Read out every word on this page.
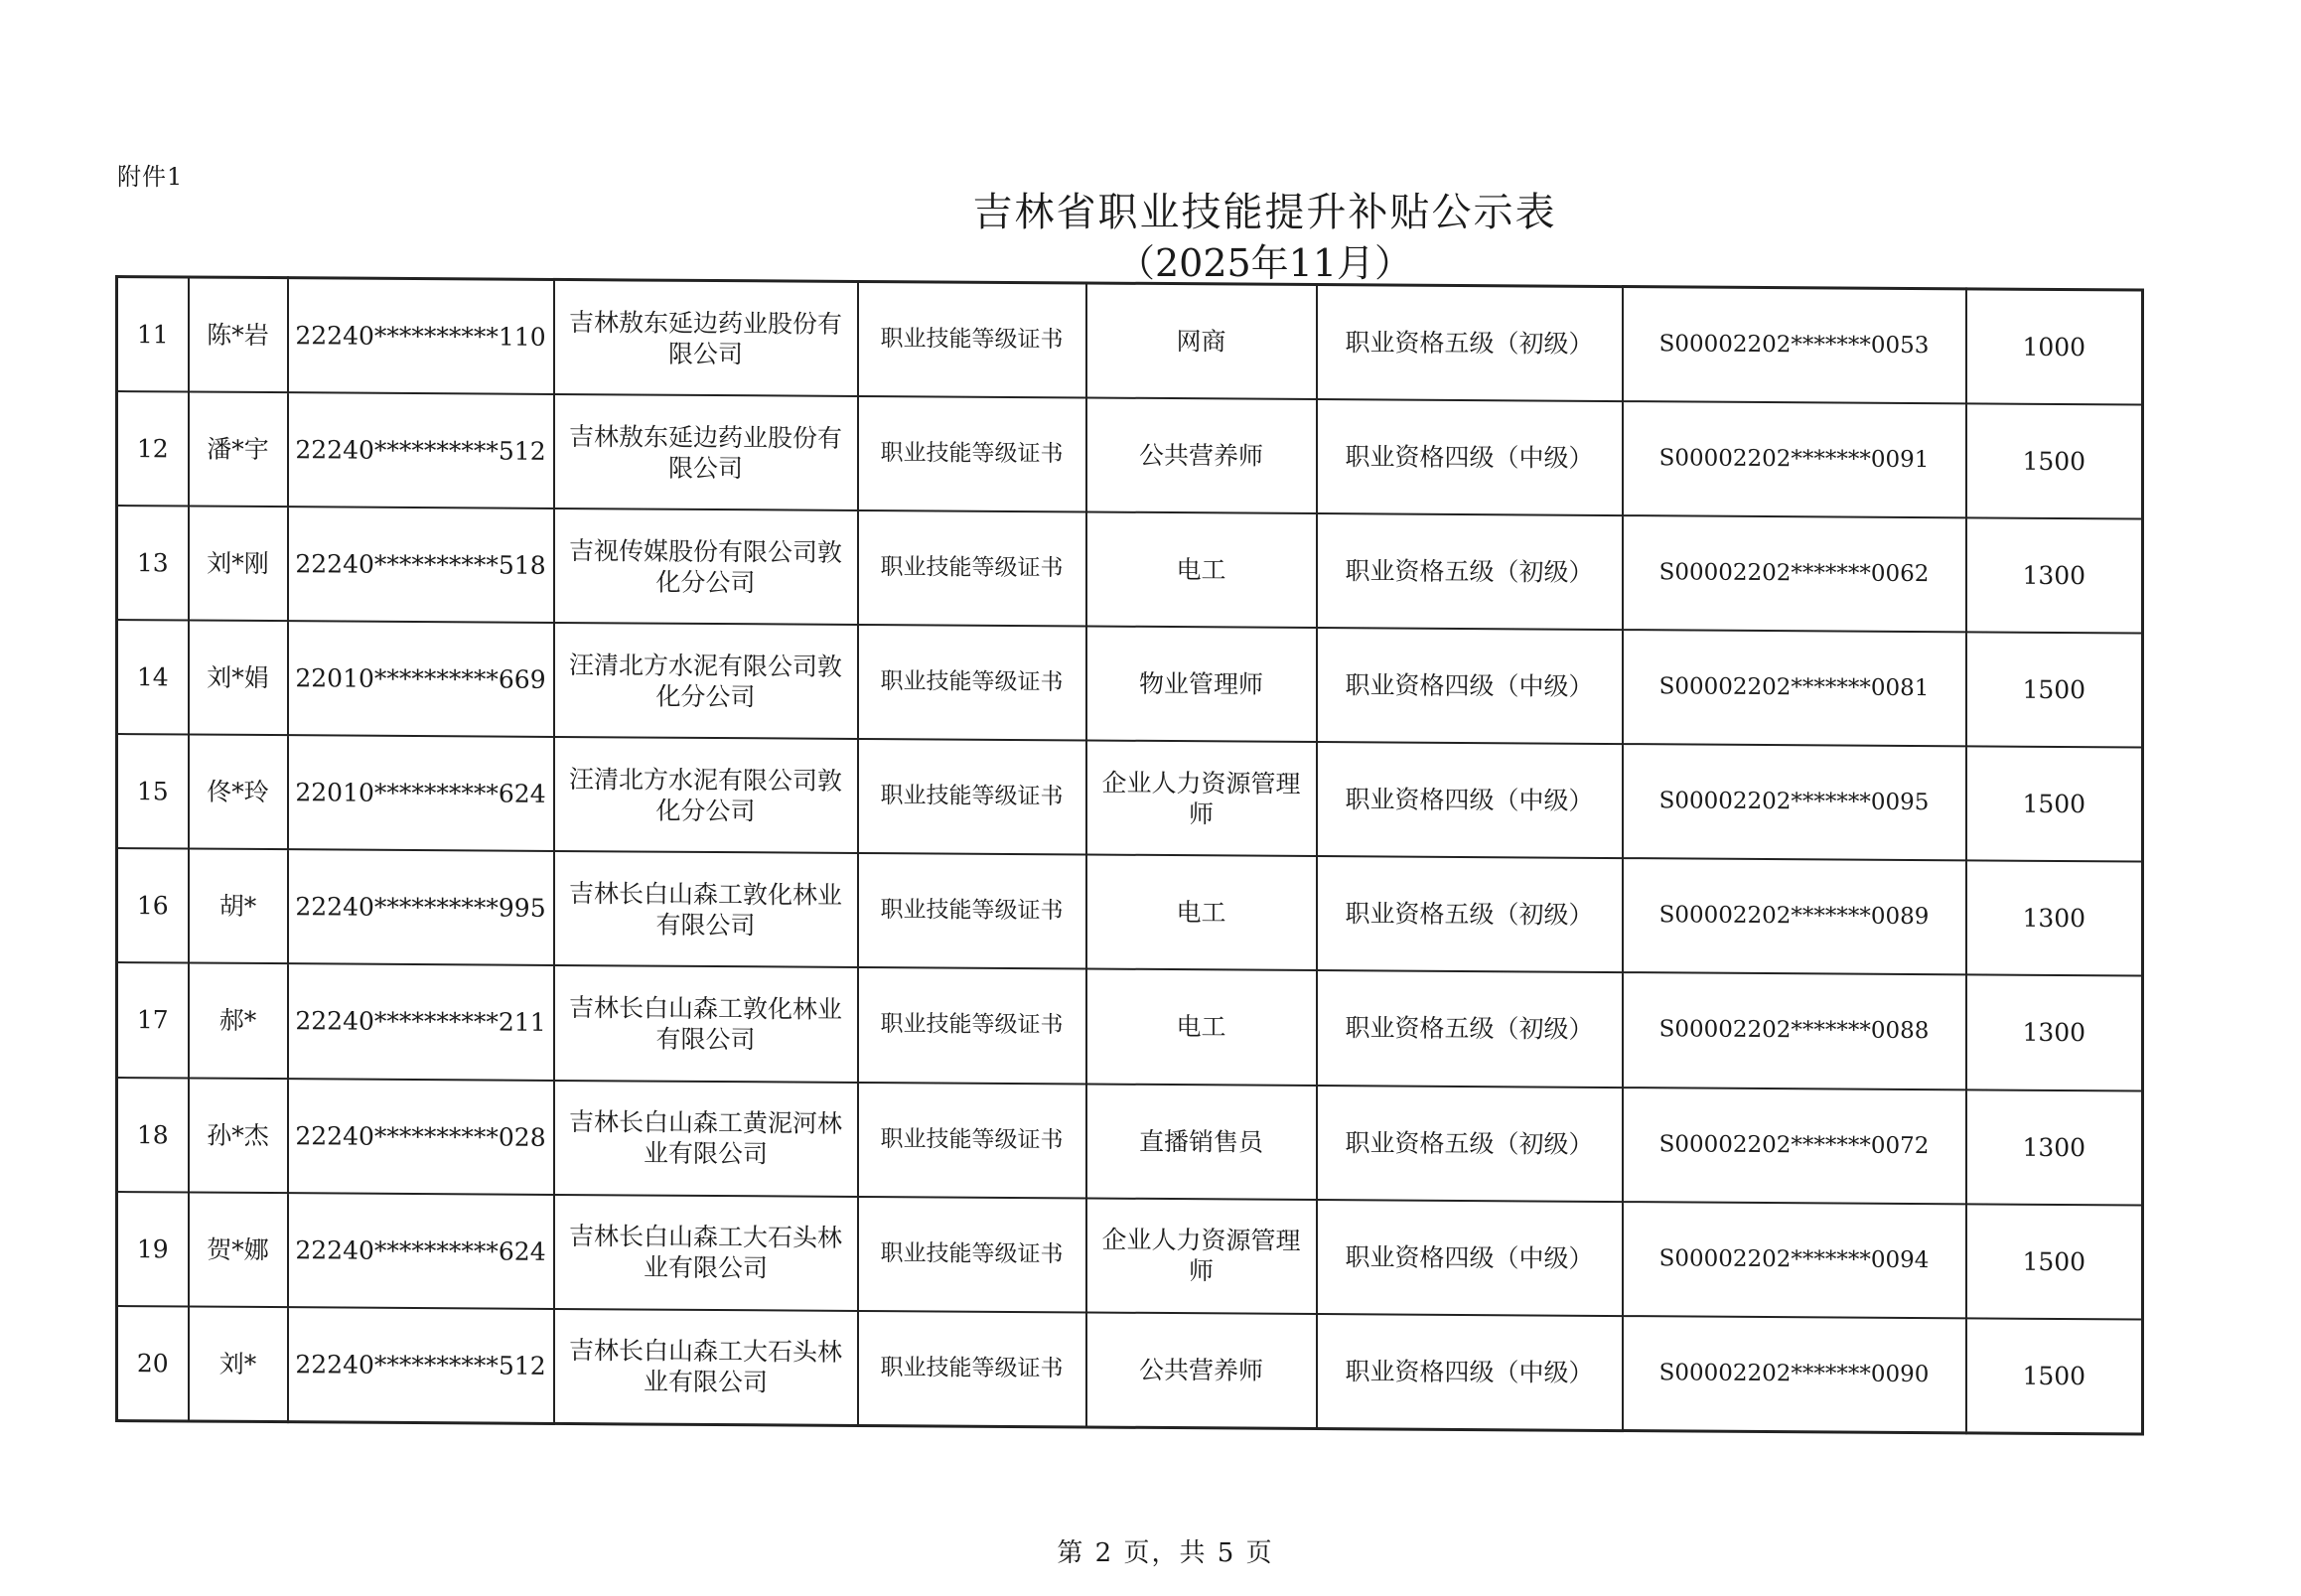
附件1
吉林省职业技能提升补贴公示表
（2025年11月）
11	陈*岩	22240**********110	吉林敖东延边药业股份有限公司	职业技能等级证书	网商	职业资格五级（初级）	S00002202*******0053	1000
12	潘*宇	22240**********512	吉林敖东延边药业股份有限公司	职业技能等级证书	公共营养师	职业资格四级（中级）	S00002202*******0091	1500
13	刘*刚	22240**********518	吉视传媒股份有限公司敦化分公司	职业技能等级证书	电工	职业资格五级（初级）	S00002202*******0062	1300
14	刘*娟	22010**********669	汪清北方水泥有限公司敦化分公司	职业技能等级证书	物业管理师	职业资格四级（中级）	S00002202*******0081	1500
15	佟*玲	22010**********624	汪清北方水泥有限公司敦化分公司	职业技能等级证书	企业人力资源管理师	职业资格四级（中级）	S00002202*******0095	1500
16	胡*	22240**********995	吉林长白山森工敦化林业有限公司	职业技能等级证书	电工	职业资格五级（初级）	S00002202*******0089	1300
17	郝*	22240**********211	吉林长白山森工敦化林业有限公司	职业技能等级证书	电工	职业资格五级（初级）	S00002202*******0088	1300
18	孙*杰	22240**********028	吉林长白山森工黄泥河林业有限公司	职业技能等级证书	直播销售员	职业资格五级（初级）	S00002202*******0072	1300
19	贺*娜	22240**********624	吉林长白山森工大石头林业有限公司	职业技能等级证书	企业人力资源管理师	职业资格四级（中级）	S00002202*******0094	1500
20	刘*	22240**********512	吉林长白山森工大石头林业有限公司	职业技能等级证书	公共营养师	职业资格四级（中级）	S00002202*******0090	1500
第 2 页，共 5 页
